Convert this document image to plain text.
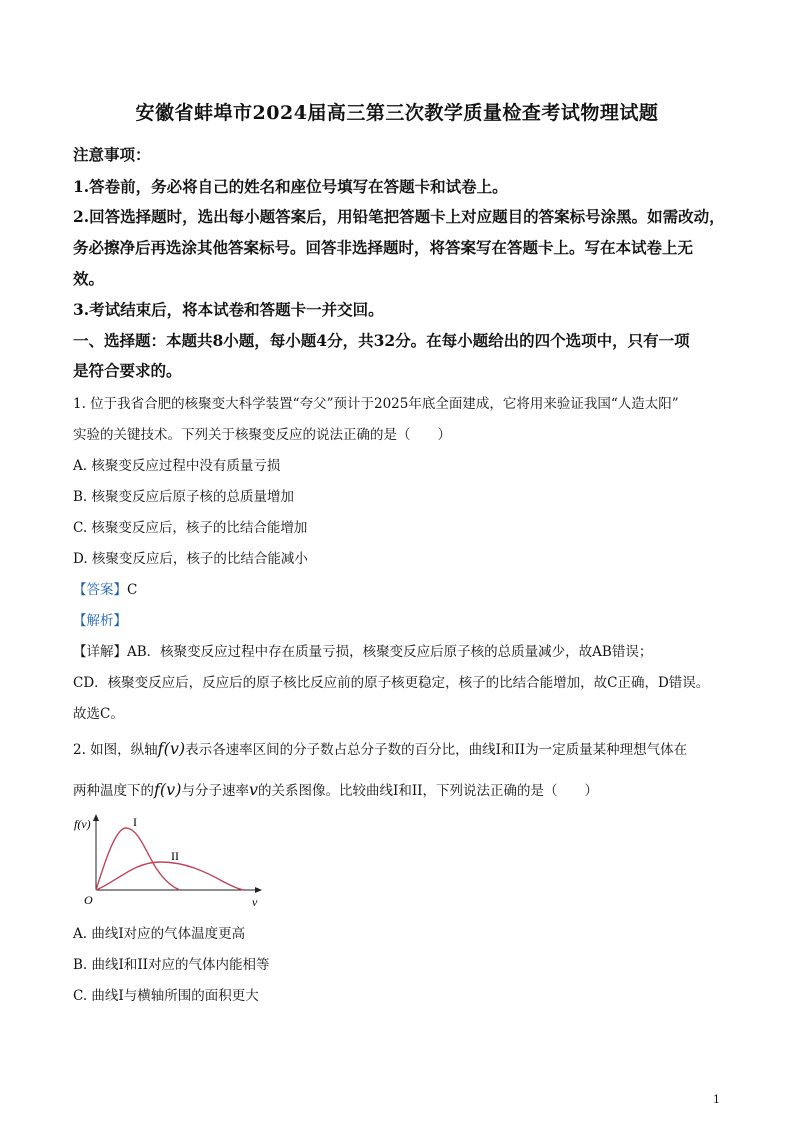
安徽省蚌埠市2024届高三第三次教学质量检查考试物理试题
注意事项：
1.答卷前，务必将自己的姓名和座位号填写在答题卡和试卷上。
2.回答选择题时，选出每小题答案后，用铅笔把答题卡上对应题目的答案标号涂黑。如需改动，
务必擦净后再选涂其他答案标号。回答非选择题时，将答案写在答题卡上。写在本试卷上无
效。
3.考试结束后，将本试卷和答题卡一并交回。
一、选择题：本题共8小题，每小题4分，共32分。在每小题给出的四个选项中，只有一项
是符合要求的。
1. 位于我省合肥的核聚变大科学装置“夸父”预计于2025年底全面建成，它将用来验证我国“人造太阳”
实验的关键技术。下列关于核聚变反应的说法正确的是（　　）
A. 核聚变反应过程中没有质量亏损
B. 核聚变反应后原子核的总质量增加
C. 核聚变反应后，核子的比结合能增加
D. 核聚变反应后，核子的比结合能减小
【答案】C
【解析】
【详解】AB．核聚变反应过程中存在质量亏损，核聚变反应后原子核的总质量减少，故AB错误；
CD．核聚变反应后，反应后的原子核比反应前的原子核更稳定，核子的比结合能增加，故C正确，D错误。
故选C。
2. 如图，纵轴f(v)表示各速率区间的分子数占总分子数的百分比，曲线I和II为一定质量某种理想气体在
两种温度下的f(v)与分子速率v的关系图像。比较曲线I和II，下列说法正确的是（　　）
f(v)	I
II
O	v
A. 曲线I对应的气体温度更高
B. 曲线I和II对应的气体内能相等
C. 曲线I与横轴所围的面积更大
1
